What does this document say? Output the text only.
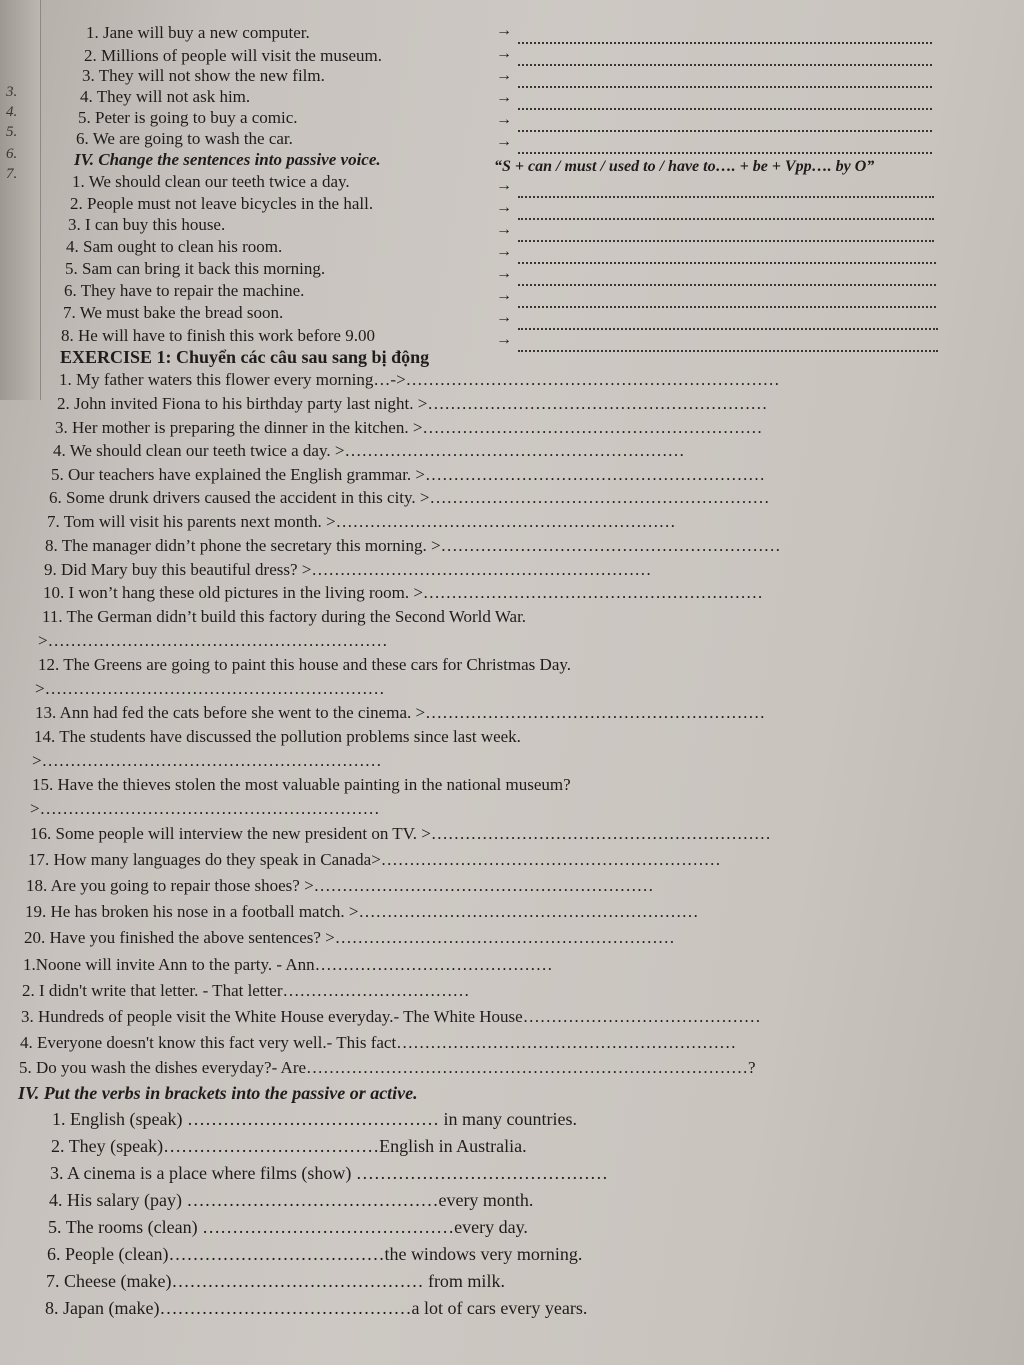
3.
4.
5.
6.
7.
1. Jane will buy a new computer.
2. Millions of people will visit the museum.
3. They will not show the new film.
4. They will not ask him.
5. Peter is going to buy a comic.
6. We are going to wash the car.
IV. Change the sentences into passive voice.	“S + can / must / used to / have to…. + be + Vpp…. by O”
1. We should clean our teeth twice a day.
2. People must not leave bicycles in the hall.
3. I can buy this house.
4. Sam ought to clean his room.
5. Sam can bring it back this morning.
6. They have to repair the machine.
7. We must bake the bread soon.
8. He will have to finish this work before 9.00
→
→
→
→
→
→
→
→
→
→
→
→
→
→
EXERCISE 1: Chuyển các câu sau sang bị động
1. My father waters this flower every morning…->…………………………………………………………
2. John invited Fiona to his birthday party last night. >……………………………………………………
3. Her mother is preparing the dinner in the kitchen. >……………………………………………………
4. We should clean our teeth twice a day. >……………………………………………………
5. Our teachers have explained the English grammar. >……………………………………………………
6. Some drunk drivers caused the accident in this city. >……………………………………………………
7. Tom will visit his parents next month. >……………………………………………………
8. The manager didn’t phone the secretary this morning. >……………………………………………………
9. Did Mary buy this beautiful dress? >……………………………………………………
10. I won’t hang these old pictures in the living room. >……………………………………………………
11. The German didn’t build this factory during the Second World War.
>……………………………………………………
12. The Greens are going to paint this house and these cars for Christmas Day.
>……………………………………………………
13. Ann had fed the cats before she went to the cinema. >……………………………………………………
14. The students have discussed the pollution problems since last week.
>……………………………………………………
15. Have the thieves stolen the most valuable painting in the national museum?
>……………………………………………………
16. Some people will interview the new president on TV. >……………………………………………………
17. How many languages do they speak in Canada>……………………………………………………
18. Are you going to repair those shoes? >……………………………………………………
19. He has broken his nose in a football match. >……………………………………………………
20. Have you finished the above sentences? >……………………………………………………
1.Noone will invite Ann to the party. - Ann……………………………………
2. I didn't write that letter. - That letter……………………………
3. Hundreds of people visit the White House everyday.- The White House……………………………………
4. Everyone doesn't know this fact very well.- This fact……………………………………………………
5. Do you wash the dishes everyday?- Are……………………………………………………………………?
IV. Put the verbs in brackets into the passive or active.
1. English (speak) …………………………………… in many countries.
2. They (speak)………………………………English in Australia.
3. A cinema is a place where films (show) ……………………………………
4. His salary (pay) ……………………………………every month.
5. The rooms (clean) ……………………………………every day.
6. People (clean)………………………………the windows very morning.
7. Cheese (make)…………………………………… from milk.
8. Japan (make)……………………………………a lot of cars every years.
